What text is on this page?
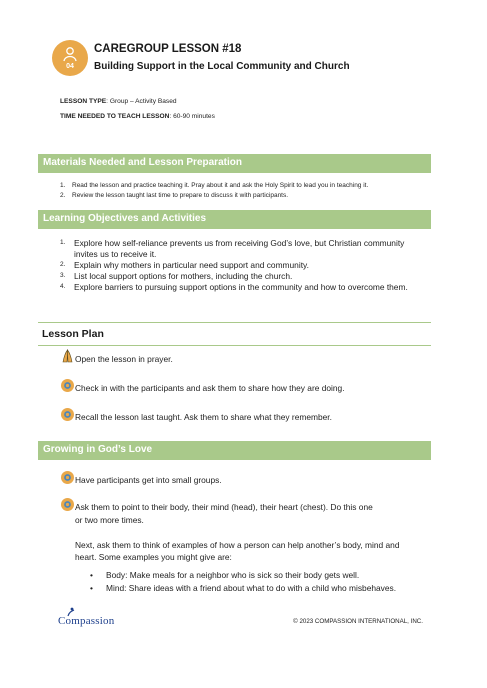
04
CAREGROUP LESSON #18
Building Support in the Local Community and Church
LESSON TYPE: Group – Activity Based
TIME NEEDED TO TEACH LESSON: 60-90 minutes
Materials Needed and Lesson Preparation
1. Read the lesson and practice teaching it. Pray about it and ask the Holy Spirit to lead you in teaching it.
2. Review the lesson taught last time to prepare to discuss it with participants.
Learning Objectives and Activities
1. Explore how self-reliance prevents us from receiving God’s love, but Christian community invites us to receive it.
2. Explain why mothers in particular need support and community.
3. List local support options for mothers, including the church.
4. Explore barriers to pursuing support options in the community and how to overcome them.
Lesson Plan
Open the lesson in prayer.
Check in with the participants and ask them to share how they are doing.
Recall the lesson last taught. Ask them to share what they remember.
Growing in God’s Love
Have participants get into small groups.
Ask them to point to their body, their mind (head), their heart (chest). Do this one
or two more times.
Next, ask them to think of examples of how a person can help another’s body, mind and
heart. Some examples you might give are:
• Body: Make meals for a neighbor who is sick so their body gets well.
• Mind: Share ideas with a friend about what to do with a child who misbehaves.
Compassion	© 2023 COMPASSION INTERNATIONAL, INC.
